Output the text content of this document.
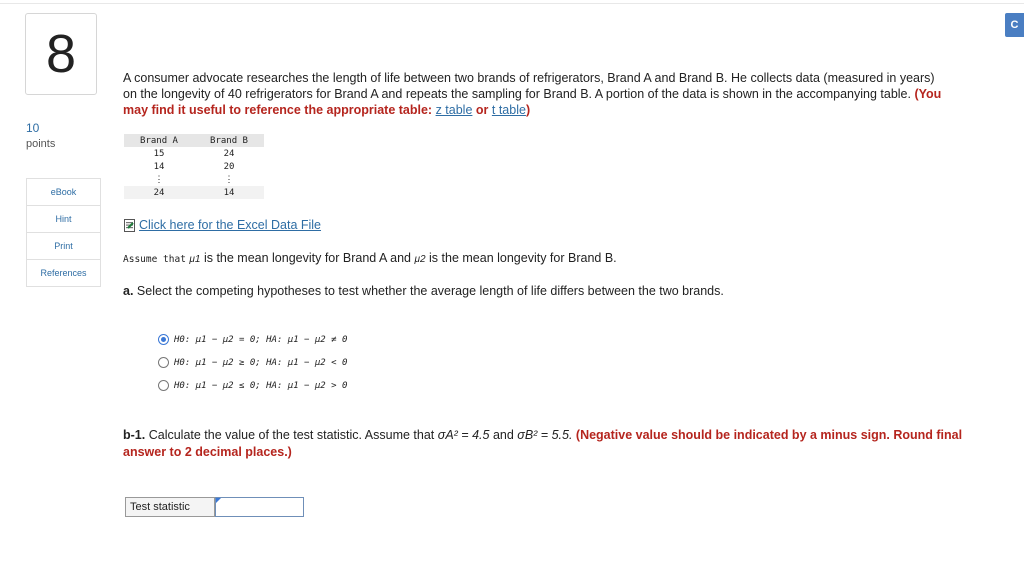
8
10
points
eBook
Hint
Print
References
C
A consumer advocate researches the length of life between two brands of refrigerators, Brand A and Brand B. He collects data (measured in years) on the longevity of 40 refrigerators for Brand A and repeats the sampling for Brand B. A portion of the data is shown in the accompanying table. (You may find it useful to reference the appropriate table: z table or t table)
Brand A	Brand B
15	24
14	20
⋮	⋮
24	14
Click here for the Excel Data File
Assume that μ1 is the mean longevity for Brand A and μ2 is the mean longevity for Brand B.
a. Select the competing hypotheses to test whether the average length of life differs between the two brands.
H0: μ1 − μ2 = 0;
HA: μ1 − μ2 ≠ 0
H0: μ1 − μ2 ≥ 0;
HA: μ1 − μ2 < 0
H0: μ1 − μ2 ≤ 0;
HA: μ1 − μ2 > 0
b-1. Calculate the value of the test statistic. Assume that σA² = 4.5 and σB² = 5.5. (Negative value should be indicated by a minus sign. Round final answer to 2 decimal places.)
Test statistic
